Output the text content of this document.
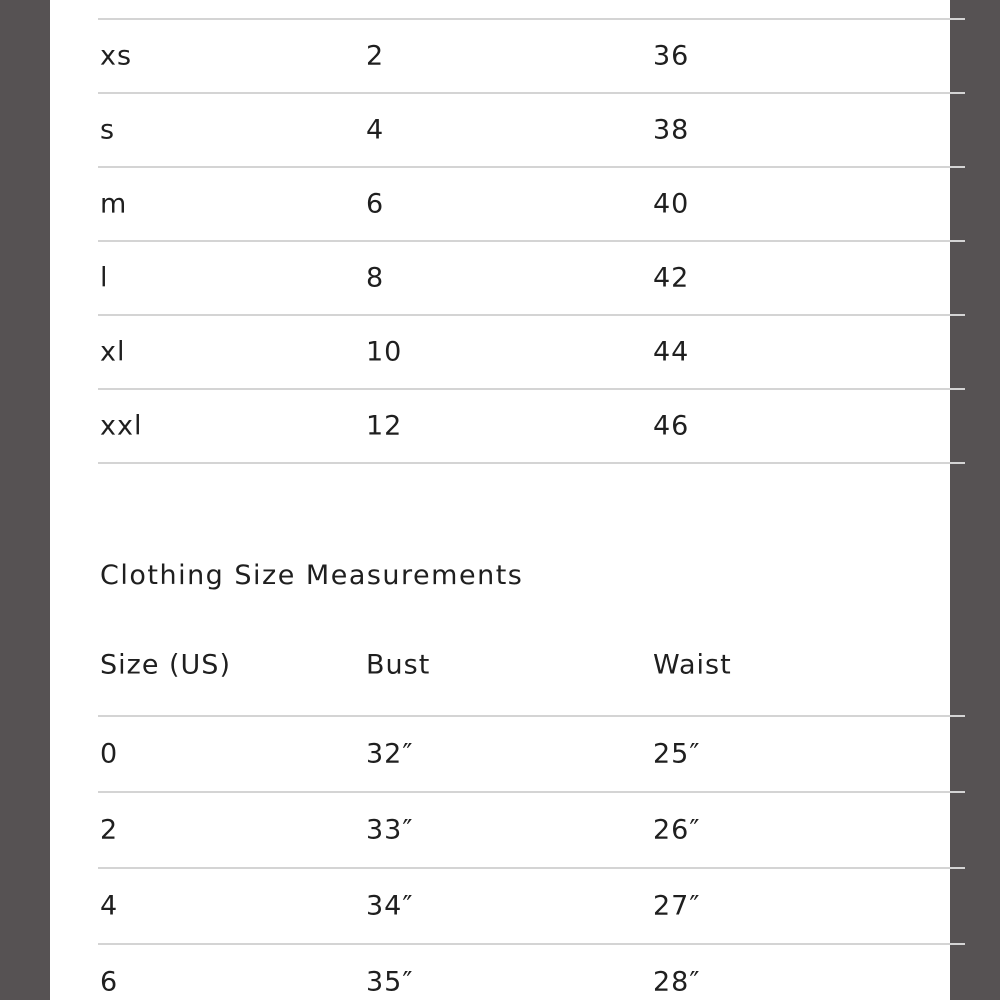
xs	2	36
s	4	38
m	6	40
l	8	42
xl	10	44
xxl	12	46
Clothing Size Measurements
Size (US)	Bust	Waist
0	32″	25″
2	33″	26″
4	34″	27″
6	35″	28″
